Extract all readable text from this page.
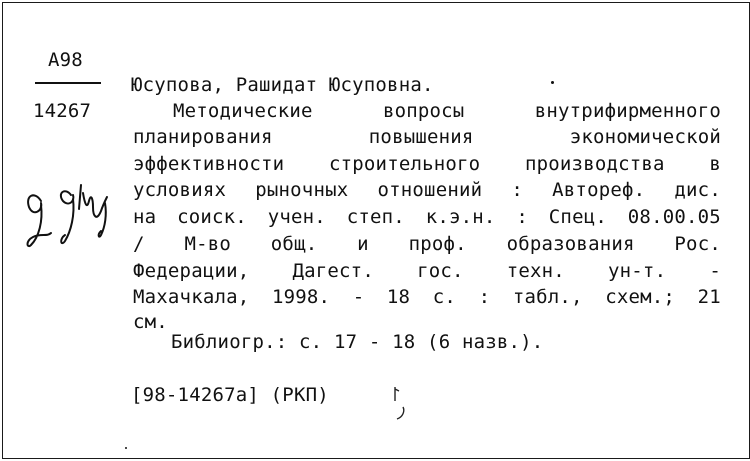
А98
14267
Юсупова, Рашидат Юсуповна.
Методические	вопросы	внутрифирменного
планирования	повышения	экономической
эффективности строительного производства в
условиях рыночных отношений : Автореф. дис.
на соиск. учен. степ. к.э.н. : Спец. 08.00.05
/ М-во общ. и проф. образования Рос.
Федерации, Дагест. гос. техн. ун-т. -
Махачкала, 1998. - 18 с. : табл., схем.; 21
см.
Библиогр.: с. 17 - 18 (6 назв.).
[98-14267а] (РКП)
